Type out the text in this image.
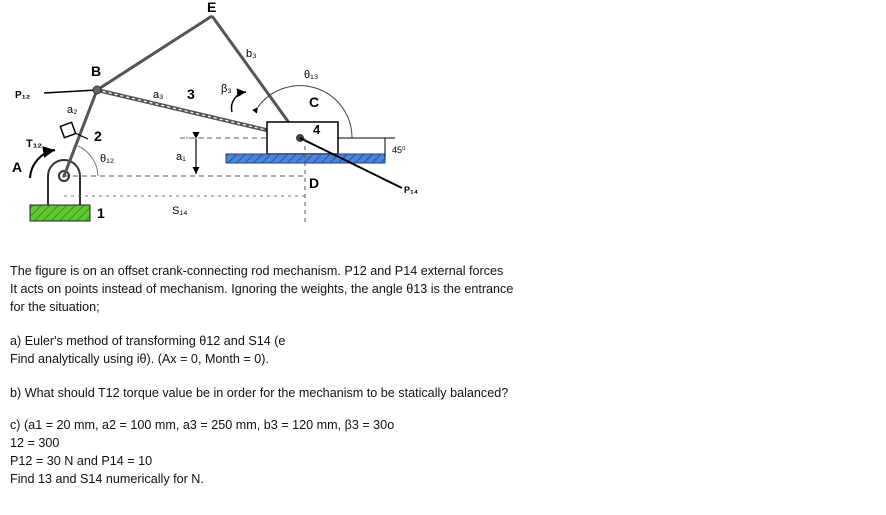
E
B
b₃
θ₁₃
P₁₂	a₃ 3 β₃
C
a₂
4
T₁₂	2
A	θ₁₂	a₁
45⁰
D	P₁₄
1	S₁₄

The figure is on an offset crank-connecting rod mechanism. P12 and P14 external forces

It acts on points instead of mechanism. Ignoring the weights, the angle θ13 is the entrance

for the situation;

a) Euler's method of transforming θ12 and S14 (e

Find analytically using iθ). (Ax = 0, Month = 0).

b) What should T12 torque value be in order for the mechanism to be statically balanced?

c) (a1 = 20 mm, a2 = 100 mm, a3 = 250 mm, b3 = 120 mm, β3 = 30o

12 = 300

P12 = 30 N and P14 = 10

Find 13 and S14 numerically for N.
